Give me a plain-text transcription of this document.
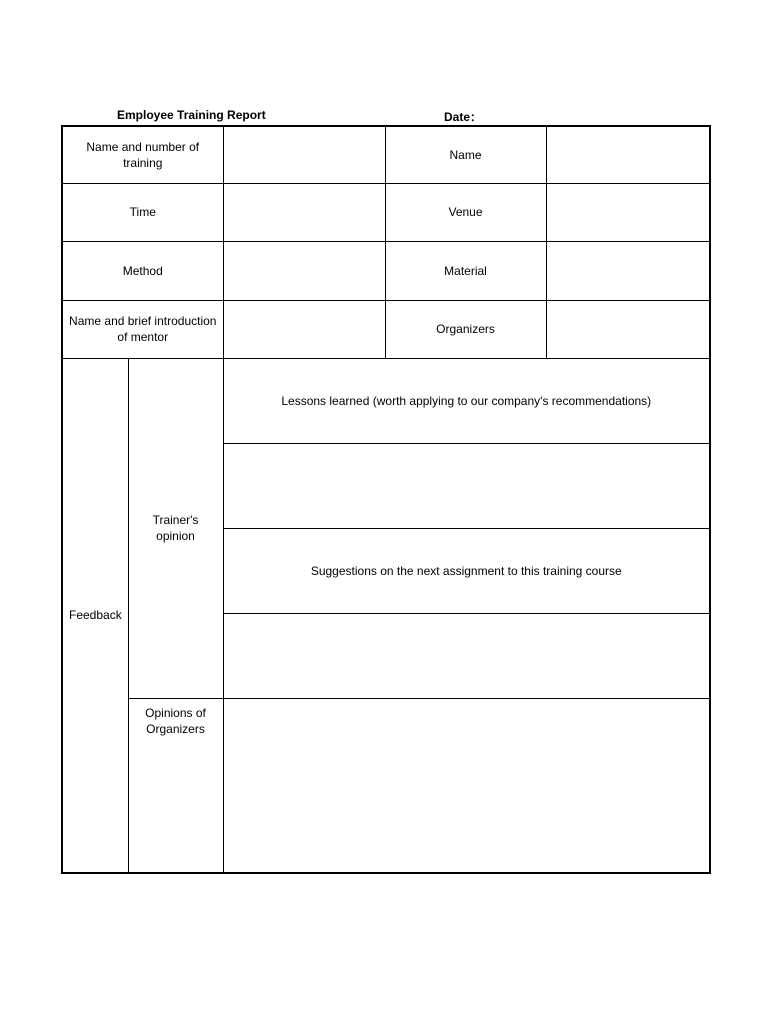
Employee Training Report	Date：
Name and number of training			Name	
Time			Venue	
Method			Material	
Name and brief introduction of mentor			Organizers	
Feedback	Trainer's opinion	Lessons learned (worth applying to our company's recommendations)		

		Suggestions on the next assignment to this training course		

	Opinions of Organizers			
